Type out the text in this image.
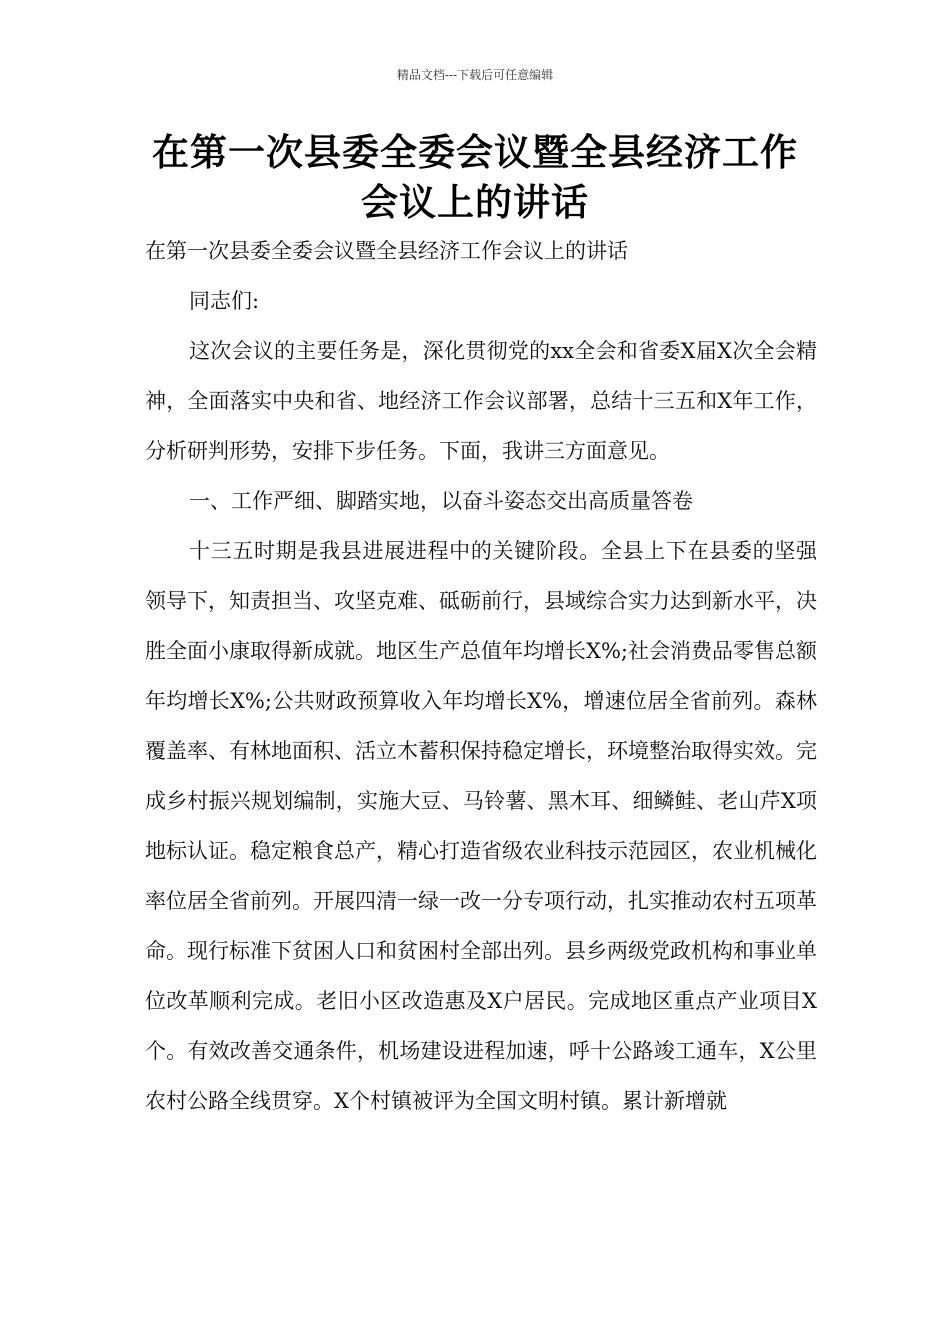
精品文档---下载后可任意编辑
在第一次县委全委会议暨全县经济工作
会议上的讲话

在第一次县委全委会议暨全县经济工作会议上的讲话

同志们:

这次会议的主要任务是，深化贯彻党的xx全会和省委X届X次全会精神，全面落实中央和省、地经济工作会议部署，总结十三五和X年工作，分析研判形势，安排下步任务。下面，我讲三方面意见。

一、工作严细、脚踏实地，以奋斗姿态交出高质量答卷

十三五时期是我县进展进程中的关键阶段。全县上下在县委的坚强领导下，知责担当、攻坚克难、砥砺前行，县域综合实力达到新水平，决胜全面小康取得新成就。地区生产总值年均增长X%;社会消费品零售总额年均增长X%;公共财政预算收入年均增长X%，增速位居全省前列。森林覆盖率、有林地面积、活立木蓄积保持稳定增长，环境整治取得实效。完成乡村振兴规划编制，实施大豆、马铃薯、黑木耳、细鳞鲑、老山芹X项地标认证。稳定粮食总产，精心打造省级农业科技示范园区，农业机械化率位居全省前列。开展四清一绿一改一分专项行动，扎实推动农村五项革命。现行标准下贫困人口和贫困村全部出列。县乡两级党政机构和事业单位改革顺利完成。老旧小区改造惠及X户居民。完成地区重点产业项目X个。有效改善交通条件，机场建设进程加速，呼十公路竣工通车，X公里农村公路全线贯穿。X个村镇被评为全国文明村镇。累计新增就
